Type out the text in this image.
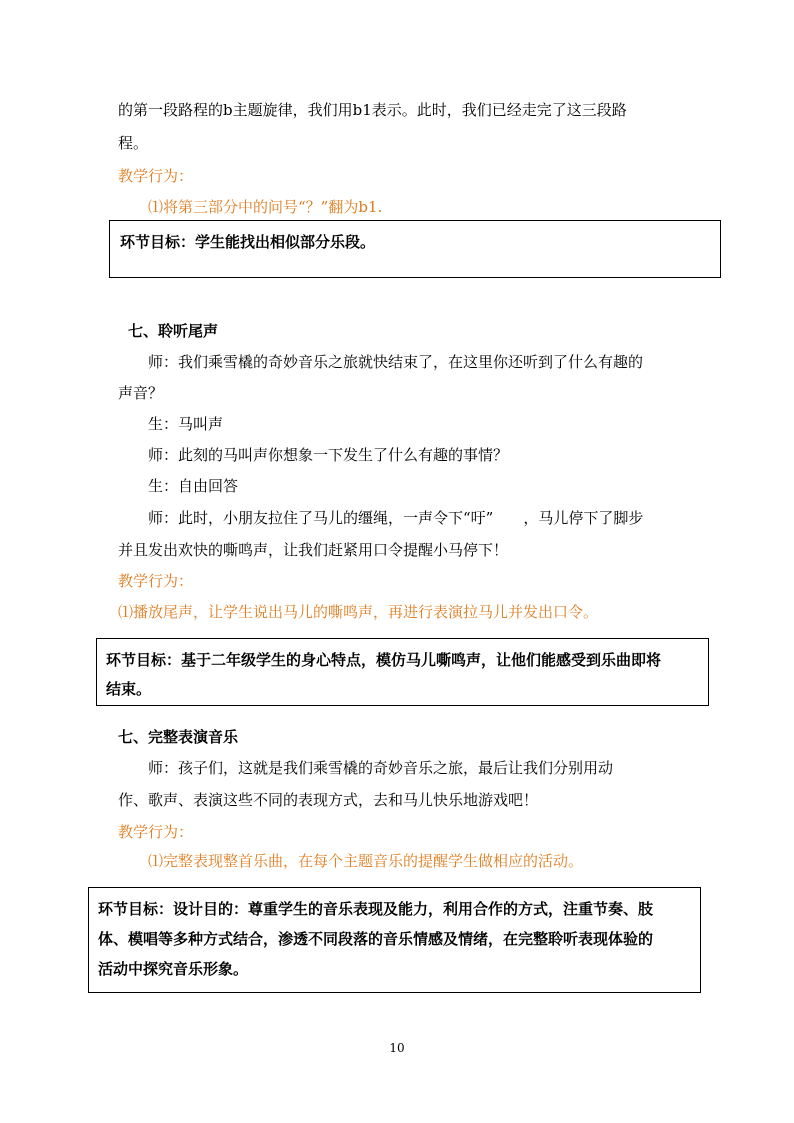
的第一段路程的b主题旋律，我们用b1表示。此时，我们已经走完了这三段路
程。
教学行为：
⑴将第三部分中的问号“？”翻为b1.
环节目标：学生能找出相似部分乐段。
七、聆听尾声
师：我们乘雪橇的奇妙音乐之旅就快结束了，在这里你还听到了什么有趣的
声音？
生：马叫声
师：此刻的马叫声你想象一下发生了什么有趣的事情？
生：自由回答
师：此时，小朋友拉住了马儿的缰绳，一声令下“吁”　　，马儿停下了脚步
并且发出欢快的嘶鸣声，让我们赶紧用口令提醒小马停下！
教学行为：
⑴播放尾声，让学生说出马儿的嘶鸣声，再进行表演拉马儿并发出口令。
环节目标：基于二年级学生的身心特点，模仿马儿嘶鸣声，让他们能感受到乐曲即将
结束。
七、完整表演音乐
师：孩子们，这就是我们乘雪橇的奇妙音乐之旅，最后让我们分别用动
作、歌声、表演这些不同的表现方式，去和马儿快乐地游戏吧！
教学行为：
⑴完整表现整首乐曲，在每个主题音乐的提醒学生做相应的活动。
环节目标：设计目的：尊重学生的音乐表现及能力，利用合作的方式，注重节奏、肢
体、模唱等多种方式结合，渗透不同段落的音乐情感及情绪，在完整聆听表现体验的
活动中探究音乐形象。
10
